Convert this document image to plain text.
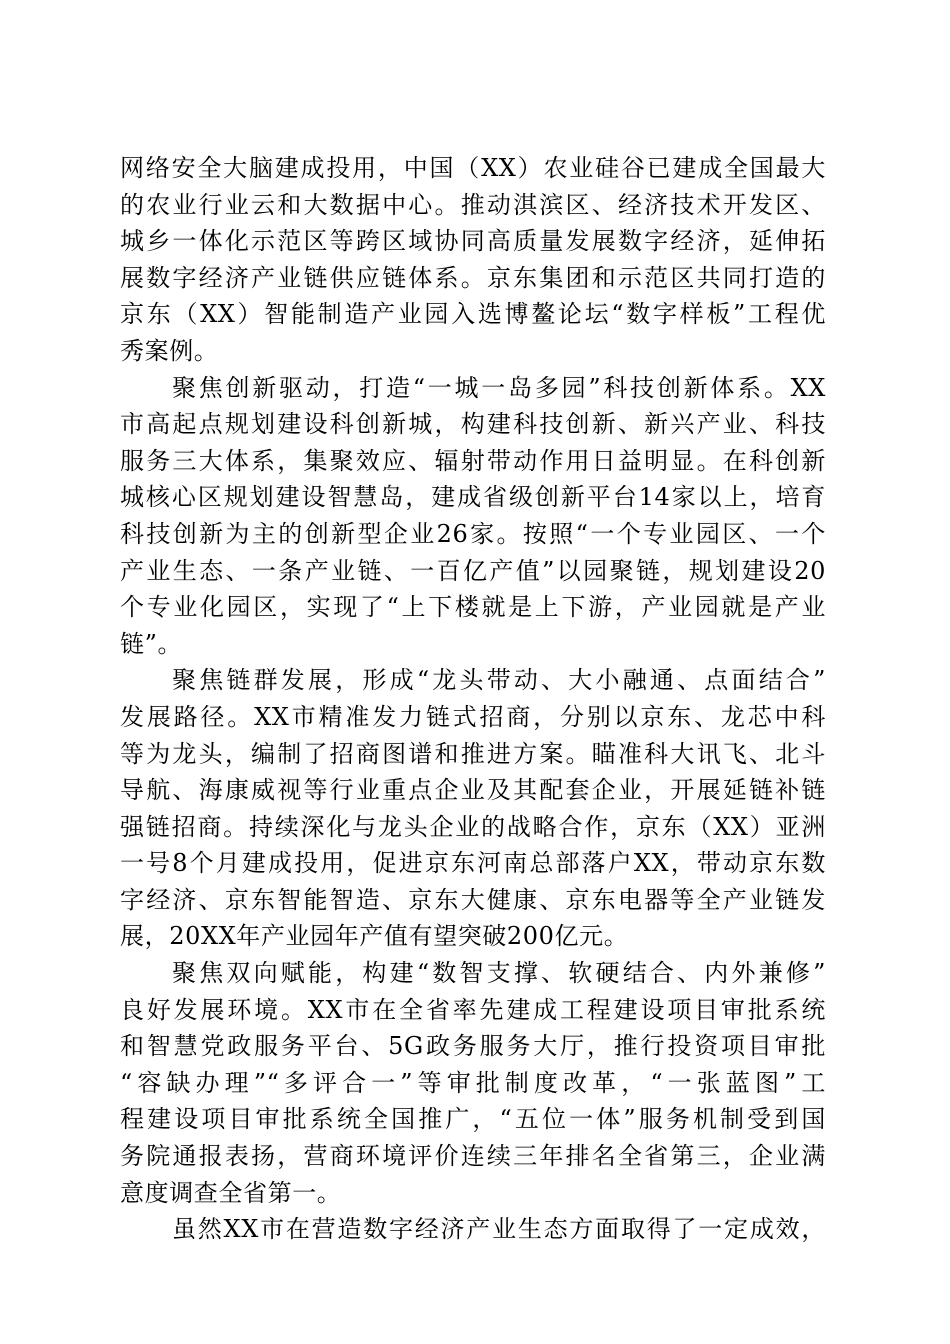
网络安全大脑建成投用，中国（XX）农业硅谷已建成全国最大
的农业行业云和大数据中心。推动淇滨区、经济技术开发区、
城乡一体化示范区等跨区域协同高质量发展数字经济，延伸拓
展数字经济产业链供应链体系。京东集团和示范区共同打造的
京东（XX）智能制造产业园入选博鳌论坛“数字样板”工程优
秀案例。
聚焦创新驱动，打造“一城一岛多园”科技创新体系。XX
市高起点规划建设科创新城，构建科技创新、新兴产业、科技
服务三大体系，集聚效应、辐射带动作用日益明显。在科创新
城核心区规划建设智慧岛，建成省级创新平台14家以上，培育
科技创新为主的创新型企业26家。按照“一个专业园区、一个
产业生态、一条产业链、一百亿产值”以园聚链，规划建设20
个专业化园区，实现了“上下楼就是上下游，产业园就是产业
链”。
聚焦链群发展，形成“龙头带动、大小融通、点面结合”
发展路径。XX市精准发力链式招商，分别以京东、龙芯中科
等为龙头，编制了招商图谱和推进方案。瞄准科大讯飞、北斗
导航、海康威视等行业重点企业及其配套企业，开展延链补链
强链招商。持续深化与龙头企业的战略合作，京东（XX）亚洲
一号8个月建成投用，促进京东河南总部落户XX，带动京东数
字经济、京东智能智造、京东大健康、京东电器等全产业链发
展，20XX年产业园年产值有望突破200亿元。
聚焦双向赋能，构建“数智支撑、软硬结合、内外兼修”
良好发展环境。XX市在全省率先建成工程建设项目审批系统
和智慧党政服务平台、5G政务服务大厅，推行投资项目审批
“容缺办理”“多评合一”等审批制度改革，“一张蓝图”工
程建设项目审批系统全国推广，“五位一体”服务机制受到国
务院通报表扬，营商环境评价连续三年排名全省第三，企业满
意度调查全省第一。
虽然XX市在营造数字经济产业生态方面取得了一定成效，
